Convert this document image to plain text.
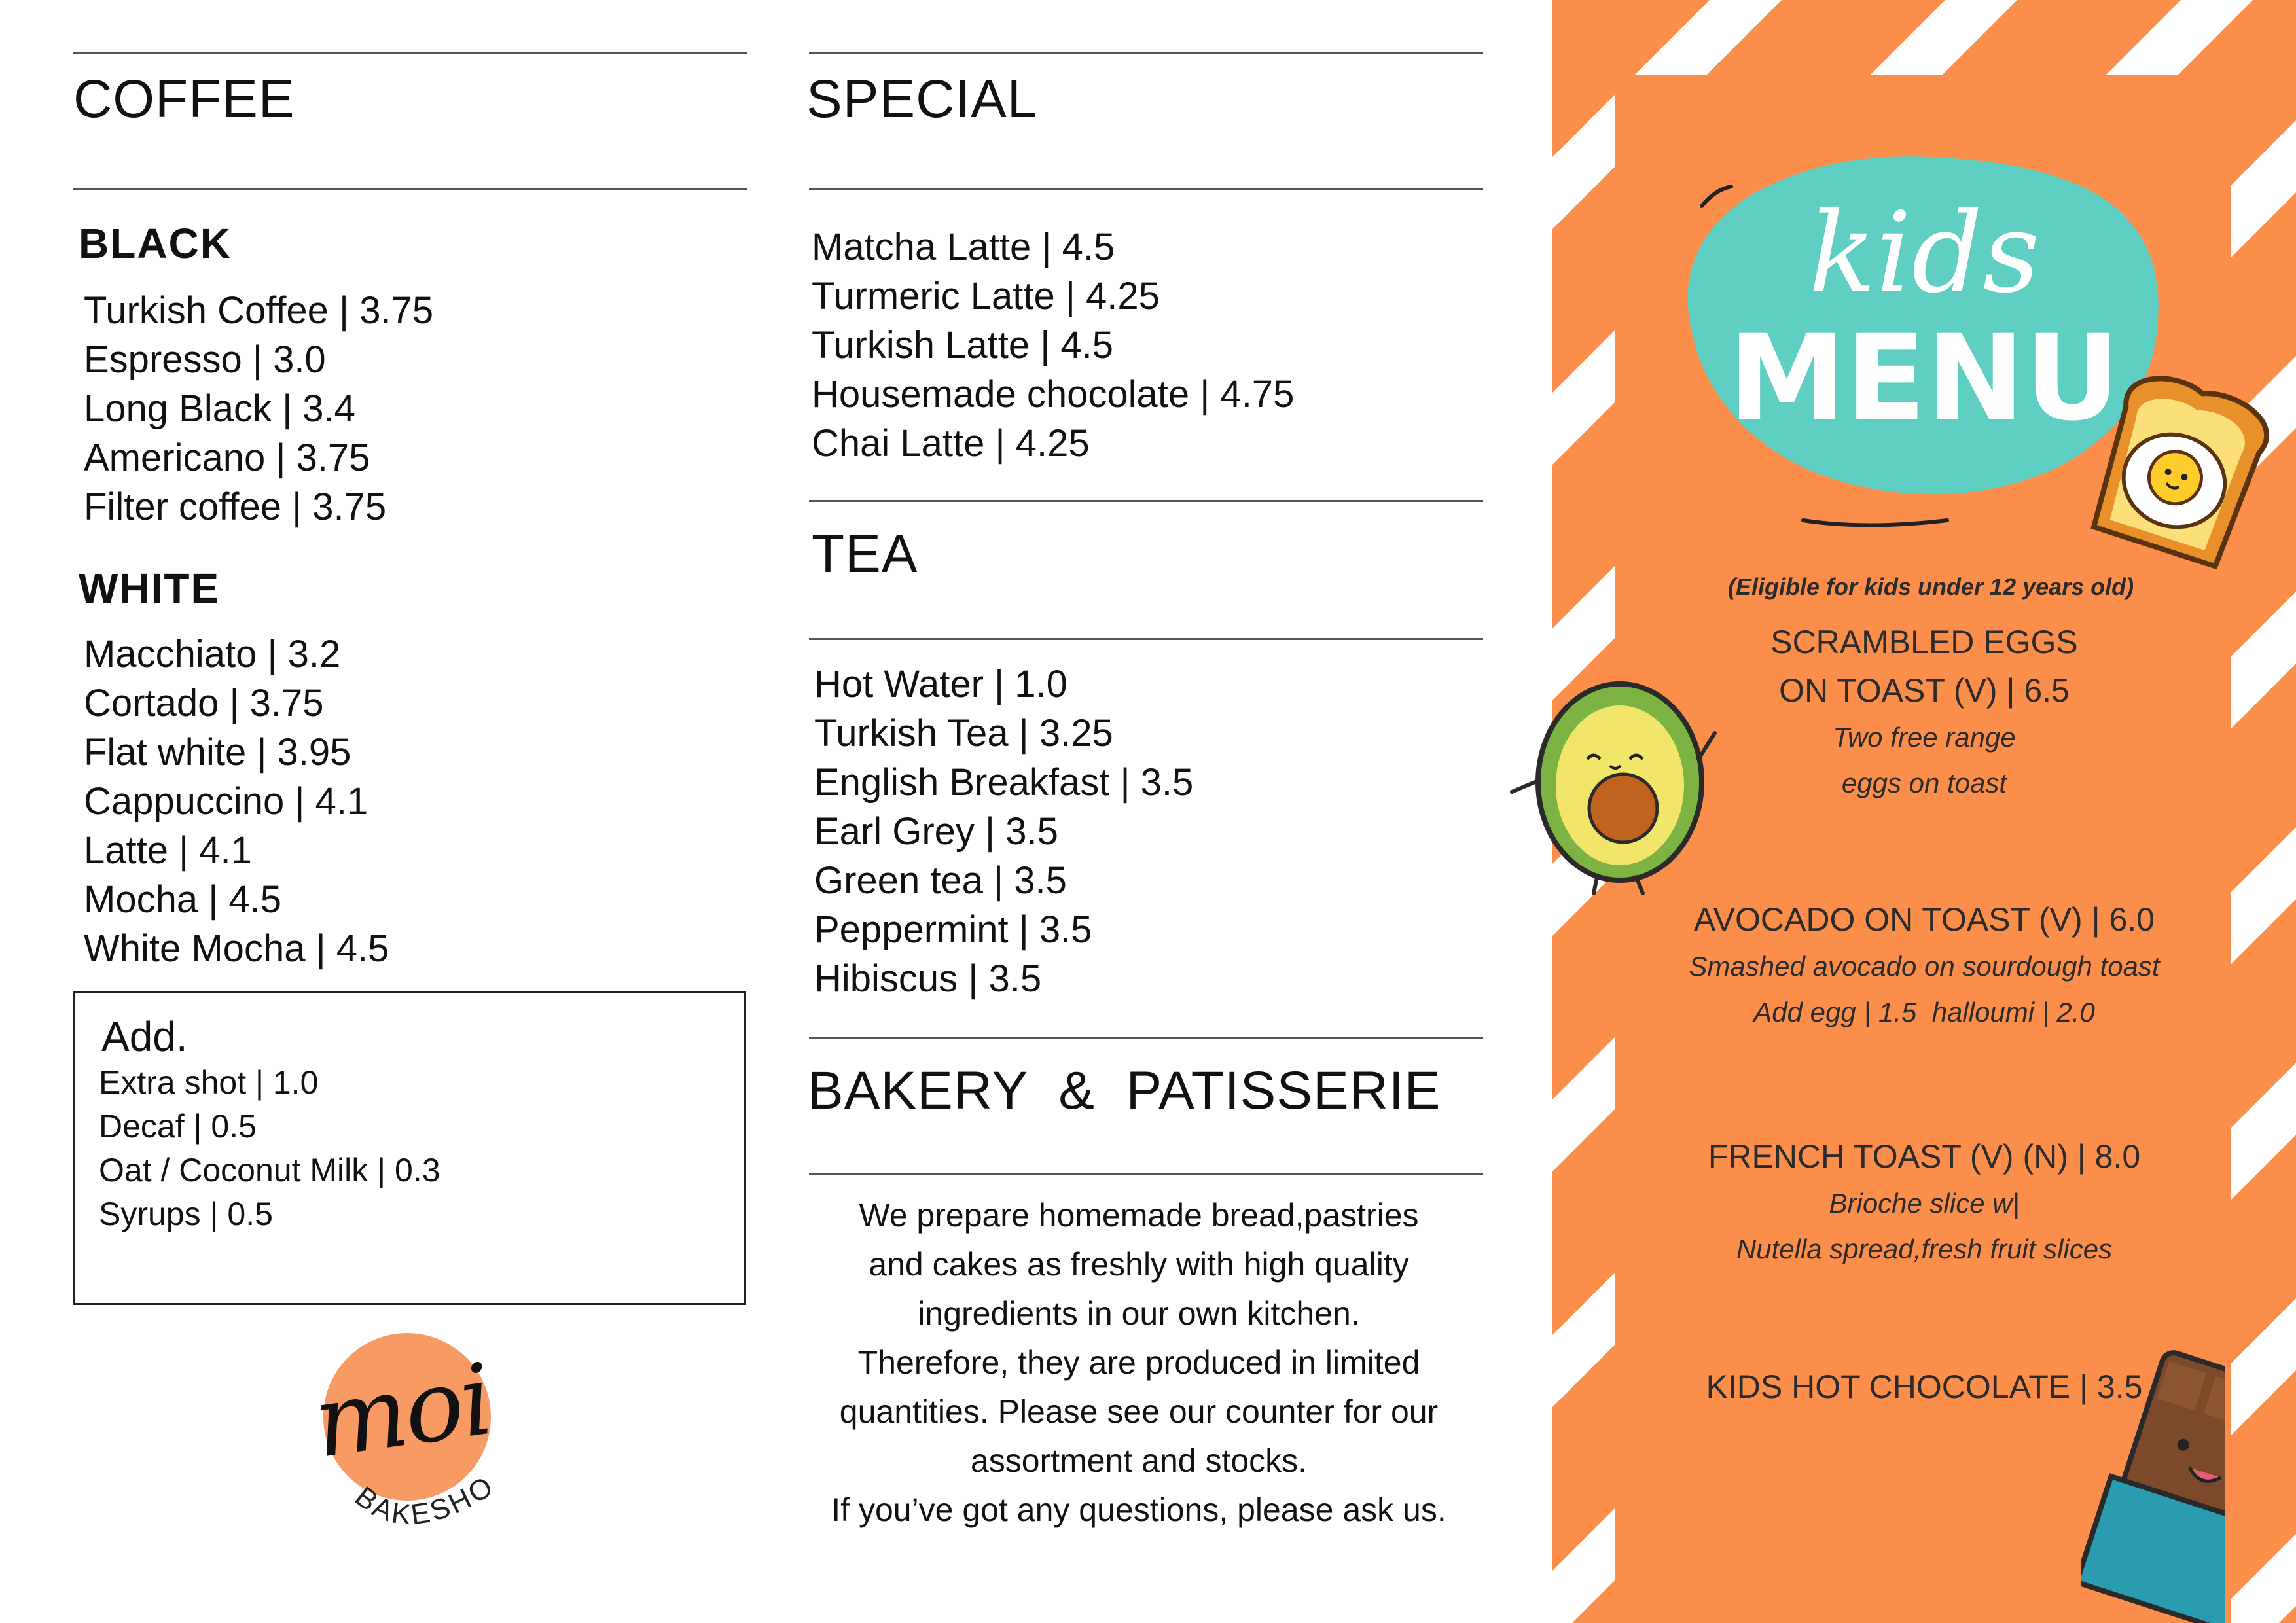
COFFEE
BLACK
Turkish Coffee | 3.75
Espresso | 3.0
Long Black | 3.4
Americano | 3.75
Filter coffee | 3.75
WHITE
Macchiato | 3.2
Cortado | 3.75
Flat white | 3.95
Cappuccino | 4.1
Latte | 4.1
Mocha | 4.5
White Mocha | 4.5
Add.
Extra shot | 1.0
Decaf | 0.5
Oat / Coconut Milk | 0.3
Syrups | 0.5
BAKESHO
moi
SPECIAL
Matcha Latte | 4.5
Turmeric Latte | 4.25
Turkish Latte | 4.5
Housemade chocolate | 4.75
Chai Latte | 4.25
TEA
Hot Water | 1.0
Turkish Tea | 3.25
English Breakfast | 3.5
Earl Grey | 3.5
Green tea | 3.5
Peppermint | 3.5
Hibiscus | 3.5
BAKERY  &  PATISSERIE
We prepare homemade bread,pastries
and cakes as freshly with high quality
ingredients in our own kitchen.
Therefore, they are produced in limited
quantities. Please see our counter for our
assortment and stocks.
If you’ve got any questions, please ask us.
kids
MENU
(Eligible for kids under 12 years old)
SCRAMBLED EGGS
ON TOAST (V) | 6.5
Two free range
eggs on toast
AVOCADO ON TOAST (V) | 6.0
Smashed avocado on sourdough toast
Add egg | 1.5  halloumi | 2.0
FRENCH TOAST (V) (N) | 8.0
Brioche slice w|
Nutella spread,fresh fruit slices
KIDS HOT CHOCOLATE | 3.5
